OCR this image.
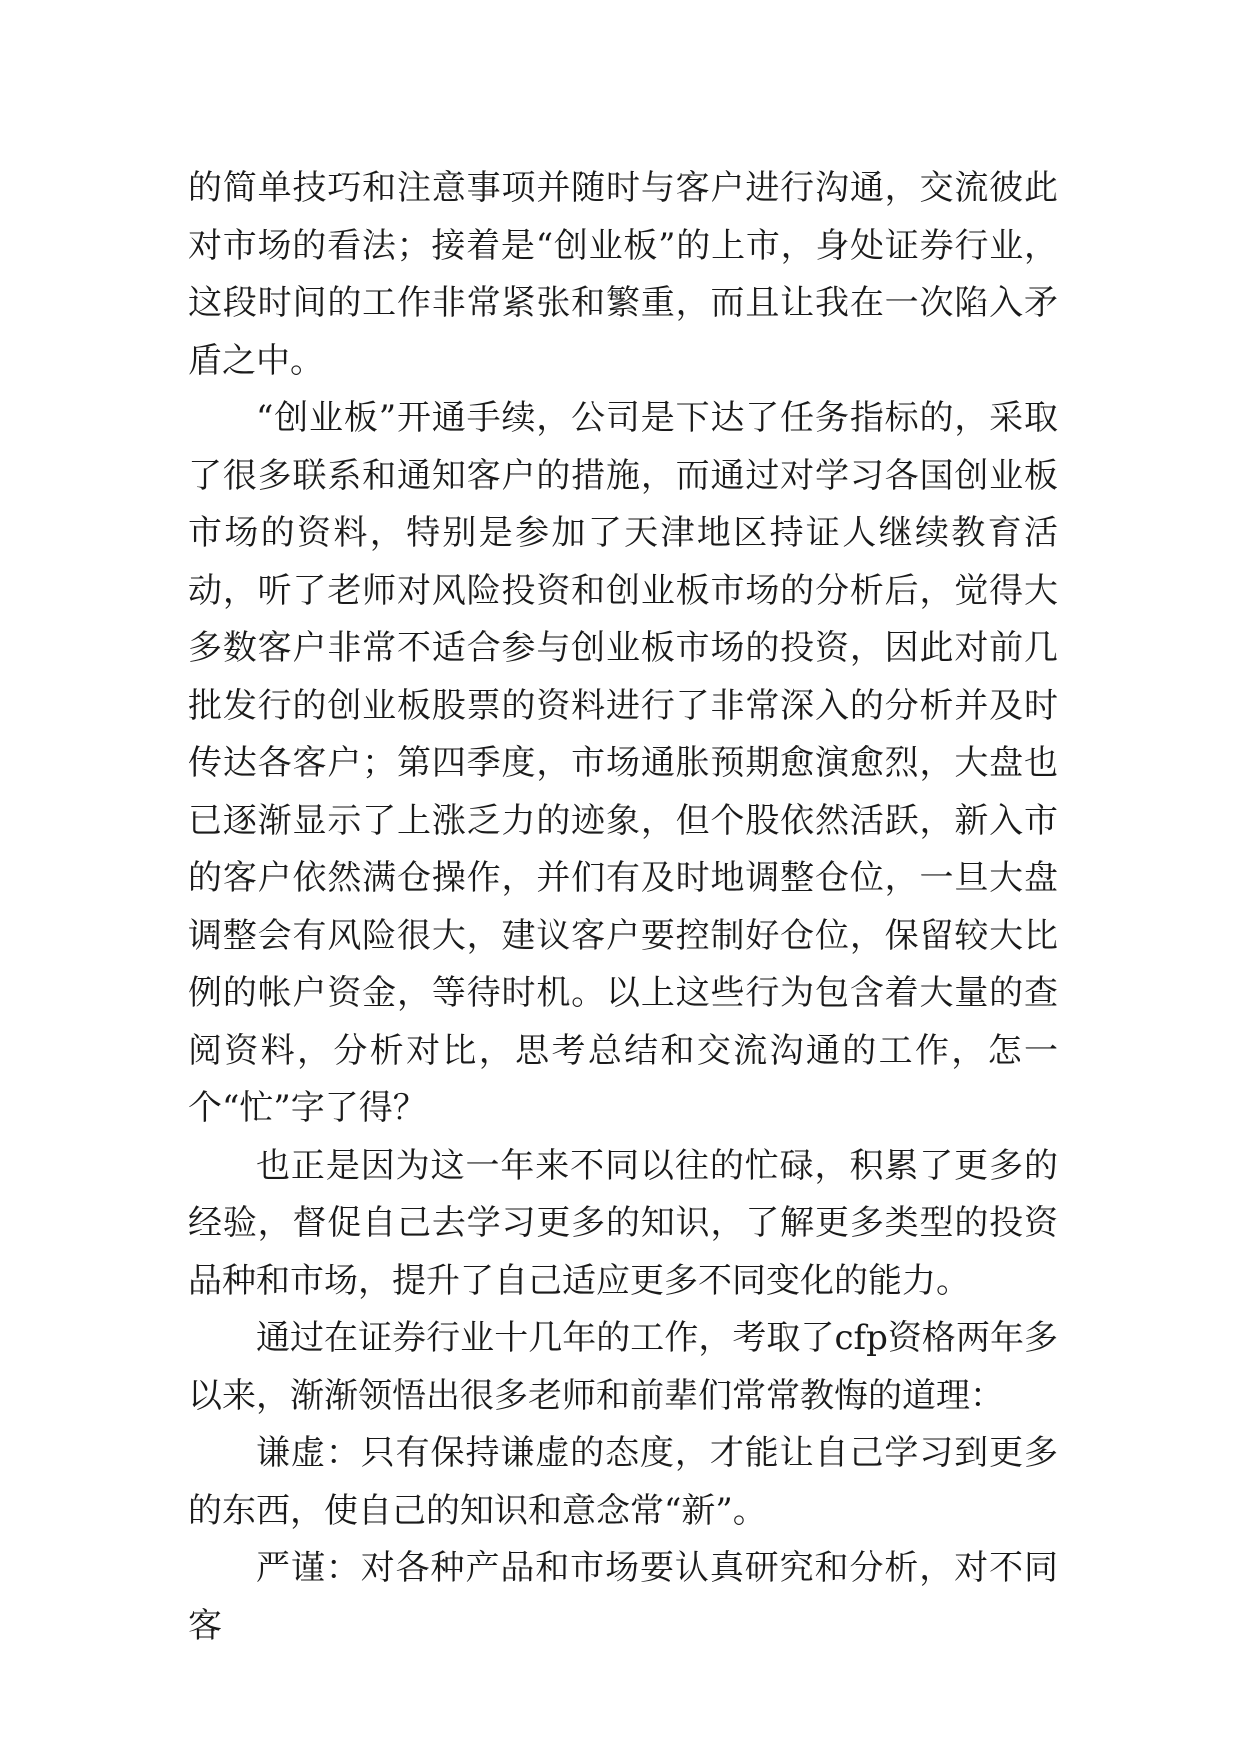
的简单技巧和注意事项并随时与客户进行沟通，交流彼此对市场的看法；接着是“创业板”的上市，身处证券行业，这段时间的工作非常紧张和繁重，而且让我在一次陷入矛盾之中。

“创业板”开通手续，公司是下达了任务指标的，采取了很多联系和通知客户的措施，而通过对学习各国创业板市场的资料，特别是参加了天津地区持证人继续教育活动，听了老师对风险投资和创业板市场的分析后，觉得大多数客户非常不适合参与创业板市场的投资，因此对前几批发行的创业板股票的资料进行了非常深入的分析并及时传达各客户；第四季度，市场通胀预期愈演愈烈，大盘也已逐渐显示了上涨乏力的迹象，但个股依然活跃，新入市的客户依然满仓操作，并们有及时地调整仓位，一旦大盘调整会有风险很大，建议客户要控制好仓位，保留较大比例的帐户资金，等待时机。以上这些行为包含着大量的查阅资料，分析对比，思考总结和交流沟通的工作，怎一个“忙”字了得？

也正是因为这一年来不同以往的忙碌，积累了更多的经验，督促自己去学习更多的知识，了解更多类型的投资品种和市场，提升了自己适应更多不同变化的能力。

通过在证券行业十几年的工作，考取了cfp资格两年多以来，渐渐领悟出很多老师和前辈们常常教悔的道理：

谦虚：只有保持谦虚的态度，才能让自己学习到更多的东西，使自己的知识和意念常“新”。

严谨：对各种产品和市场要认真研究和分析，对不同客
